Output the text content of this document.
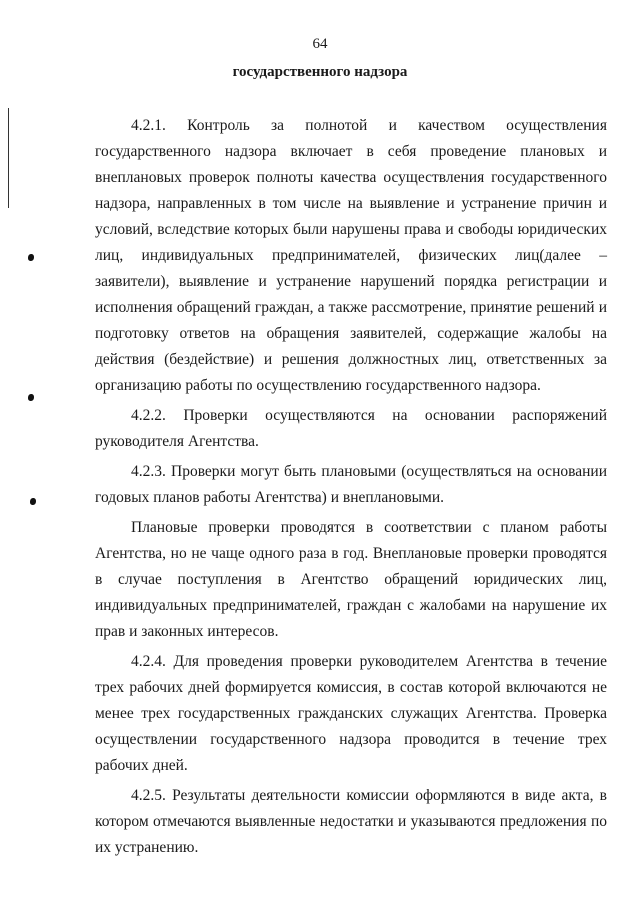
64
государственного надзора

4.2.1. Контроль за полнотой и качеством осуществления государственного надзора включает в себя проведение плановых и внеплановых проверок полноты качества осуществления государственного надзора, направленных в том числе на выявление и устранение причин и условий, вследствие которых были нарушены права и свободы юридических лиц, индивидуальных предпринимателей, физических лиц(далее – заявители), выявление и устранение нарушений порядка регистрации и исполнения обращений граждан, а также рассмотрение, принятие решений и подготовку ответов на обращения заявителей, содержащие жалобы на действия (бездействие) и решения должностных лиц, ответственных за организацию работы по осуществлению государственного надзора.

4.2.2. Проверки осуществляются на основании распоряжений руководителя Агентства.

4.2.3. Проверки могут быть плановыми (осуществляться на основании годовых планов работы Агентства) и внеплановыми.

Плановые проверки проводятся в соответствии с планом работы Агентства, но не чаще одного раза в год. Внеплановые проверки проводятся в случае поступления в Агентство обращений юридических лиц, индивидуальных предпринимателей, граждан с жалобами на нарушение их прав и законных интересов.

4.2.4. Для проведения проверки руководителем Агентства в течение трех рабочих дней формируется комиссия, в состав которой включаются не менее трех государственных гражданских служащих Агентства. Проверка осуществлении государственного надзора проводится в течение трех рабочих дней.

4.2.5. Результаты деятельности комиссии оформляются в виде акта, в котором отмечаются выявленные недостатки и указываются предложения по их устранению.
